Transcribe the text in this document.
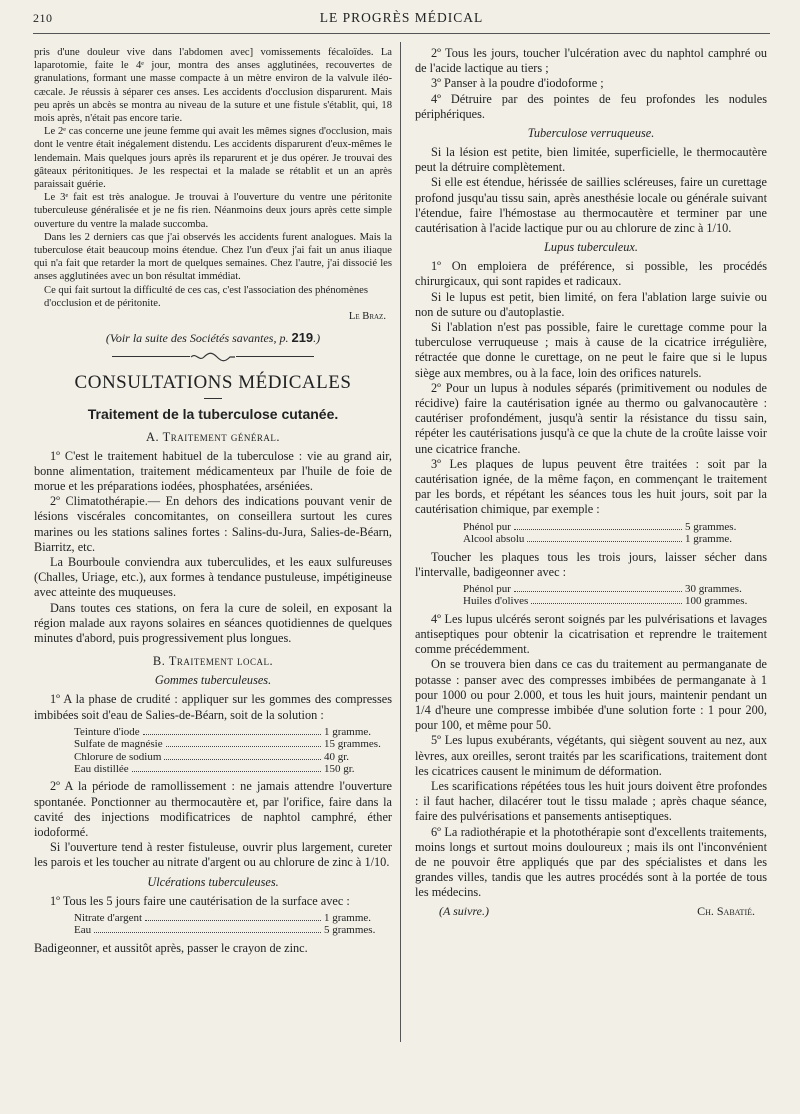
210	LE PROGRÈS MÉDICAL

pris d'une douleur vive dans l'abdomen avec] vomissements fécaloïdes. La laparotomie, faite le 4ᵉ jour, montra des anses agglutinées, recouvertes de granulations, formant une masse compacte à un mètre environ de la valvule iléo-cæcale. Je réussis à séparer ces anses. Les accidents d'occlusion disparurent. Mais peu après un abcès se montra au niveau de la suture et une fistule s'établit, qui, 18 mois après, n'était pas encore tarie.

Le 2ᵉ cas concerne une jeune femme qui avait les mêmes signes d'occlusion, mais dont le ventre était inégalement distendu. Les accidents disparurent d'eux-mêmes le lendemain. Mais quelques jours après ils reparurent et je dus opérer. Je trouvai des gâteaux péritonitiques. Je les respectai et la malade se rétablit et un an après paraissait guérie.

Le 3ᵉ fait est très analogue. Je trouvai à l'ouverture du ventre une péritonite tuberculeuse généralisée et je ne fis rien. Néanmoins deux jours après cette simple ouverture du ventre la malade succomba.

Dans les 2 derniers cas que j'ai observés les accidents furent analogues. Mais la tuberculose était beaucoup moins étendue. Chez l'un d'eux j'ai fait un anus iliaque qui n'a fait que retarder la mort de quelques semaines. Chez l'autre, j'ai dissocié les anses agglutinées avec un bon résultat immédiat.

Ce qui fait surtout la difficulté de ces cas, c'est l'association des phénomènes d'occlusion et de péritonite.
Le Braz.
(Voir la suite des Sociétés savantes, p. 219.)
CONSULTATIONS MÉDICALES
Traitement de la tuberculose cutanée.
A. Traitement général.

1º C'est le traitement habituel de la tuberculose : vie au grand air, bonne alimentation, traitement médicamenteux par l'huile de foie de morue et les préparations iodées, phosphatées, arséniées.

2º Climatothérapie.— En dehors des indications pouvant venir de lésions viscérales concomitantes, on conseillera surtout les cures marines ou les stations salines fortes : Salins-du-Jura, Salies-de-Béarn, Biarritz, etc.

La Bourboule conviendra aux tuberculides, et les eaux sulfureuses (Challes, Uriage, etc.), aux formes à tendance pustuleuse, impétigineuse avec atteinte des muqueuses.

Dans toutes ces stations, on fera la cure de soleil, en exposant la région malade aux rayons solaires en séances quotidiennes de quelques minutes d'abord, puis progressivement plus longues.

B. Traitement local.
Gommes tuberculeuses.

1º A la phase de crudité : appliquer sur les gommes des compresses imbibées soit d'eau de Salies-de-Béarn, soit de la solution :

Teinture d'iode	1 gramme.
Sulfate de magnésie	15 grammes.
Chlorure de sodium	40 gr.
Eau distillée	150 gr.

2º A la période de ramollissement : ne jamais attendre l'ouverture spontanée. Ponctionner au thermocautère et, par l'orifice, faire dans la cavité des injections modificatrices de naphtol camphré, éther iodoformé.

Si l'ouverture tend à rester fistuleuse, ouvrir plus largement, cureter les parois et les toucher au nitrate d'argent ou au chlorure de zinc à 1/10.

Ulcérations tuberculeuses.

1º Tous les 5 jours faire une cautérisation de la surface avec :

Nitrate d'argent	1 gramme.
Eau	5 grammes.

Badigeonner, et aussitôt après, passer le crayon de zinc.

2º Tous les jours, toucher l'ulcération avec du naphtol camphré ou de l'acide lactique au tiers ;

3º Panser à la poudre d'iodoforme ;

4º Détruire par des pointes de feu profondes les nodules périphériques.

Tuberculose verruqueuse.

Si la lésion est petite, bien limitée, superficielle, le thermocautère peut la détruire complètement.

Si elle est étendue, hérissée de saillies scléreuses, faire un curettage profond jusqu'au tissu sain, après anesthésie locale ou générale suivant l'étendue, faire l'hémostase au thermocautère et terminer par une cautérisation à l'acide lactique pur ou au chlorure de zinc à 1/10.

Lupus tuberculeux.

1º On emploiera de préférence, si possible, les procédés chirurgicaux, qui sont rapides et radicaux.

Si le lupus est petit, bien limité, on fera l'ablation large suivie ou non de suture ou d'autoplastie.

Si l'ablation n'est pas possible, faire le curettage comme pour la tuberculose verruqueuse ; mais à cause de la cicatrice irrégulière, rétractée que donne le curettage, on ne peut le faire que si le lupus siège aux membres, ou à la face, loin des orifices naturels.

2º Pour un lupus à nodules séparés (primitivement ou nodules de récidive) faire la cautérisation ignée au thermo ou galvanocautère : cautériser profondément, jusqu'à sentir la résistance du tissu sain, répéter les cautérisations jusqu'à ce que la chute de la croûte laisse voir une cicatrice franche.

3º Les plaques de lupus peuvent être traitées : soit par la cautérisation ignée, de la même façon, en commençant le traitement par les bords, et répétant les séances tous les huit jours, soit par la cautérisation chimique, par exemple :

Phénol pur	5 grammes.
Alcool absolu	1 gramme.

Toucher les plaques tous les trois jours, laisser sécher dans l'intervalle, badigeonner avec :

Phénol pur	30 grammes.
Huiles d'olives	100 grammes.

4º Les lupus ulcérés seront soignés par les pulvérisations et lavages antiseptiques pour obtenir la cicatrisation et reprendre le traitement comme précédemment.

On se trouvera bien dans ce cas du traitement au permanganate de potasse : panser avec des compresses imbibées de permanganate à 1 pour 1000 ou pour 2.000, et tous les huit jours, maintenir pendant un 1/4 d'heure une compresse imbibée d'une solution forte : 1 pour 200, pour 100, et même pour 50.

5º Les lupus exubérants, végétants, qui siègent souvent au nez, aux lèvres, aux oreilles, seront traités par les scarifications, traitement dont les cicatrices causent le minimum de déformation.

Les scarifications répétées tous les huit jours doivent être profondes : il faut hacher, dilacérer tout le tissu malade ; après chaque séance, faire des pulvérisations et pansements antiseptiques.

6º La radiothérapie et la photothérapie sont d'excellents traitements, moins longs et surtout moins douloureux ; mais ils ont l'inconvénient de ne pouvoir être appliqués que par des spécialistes et dans les grandes villes, tandis que les autres procédés sont à la portée de tous les médecins.

(A suivre.)	Ch. Sabatié.
